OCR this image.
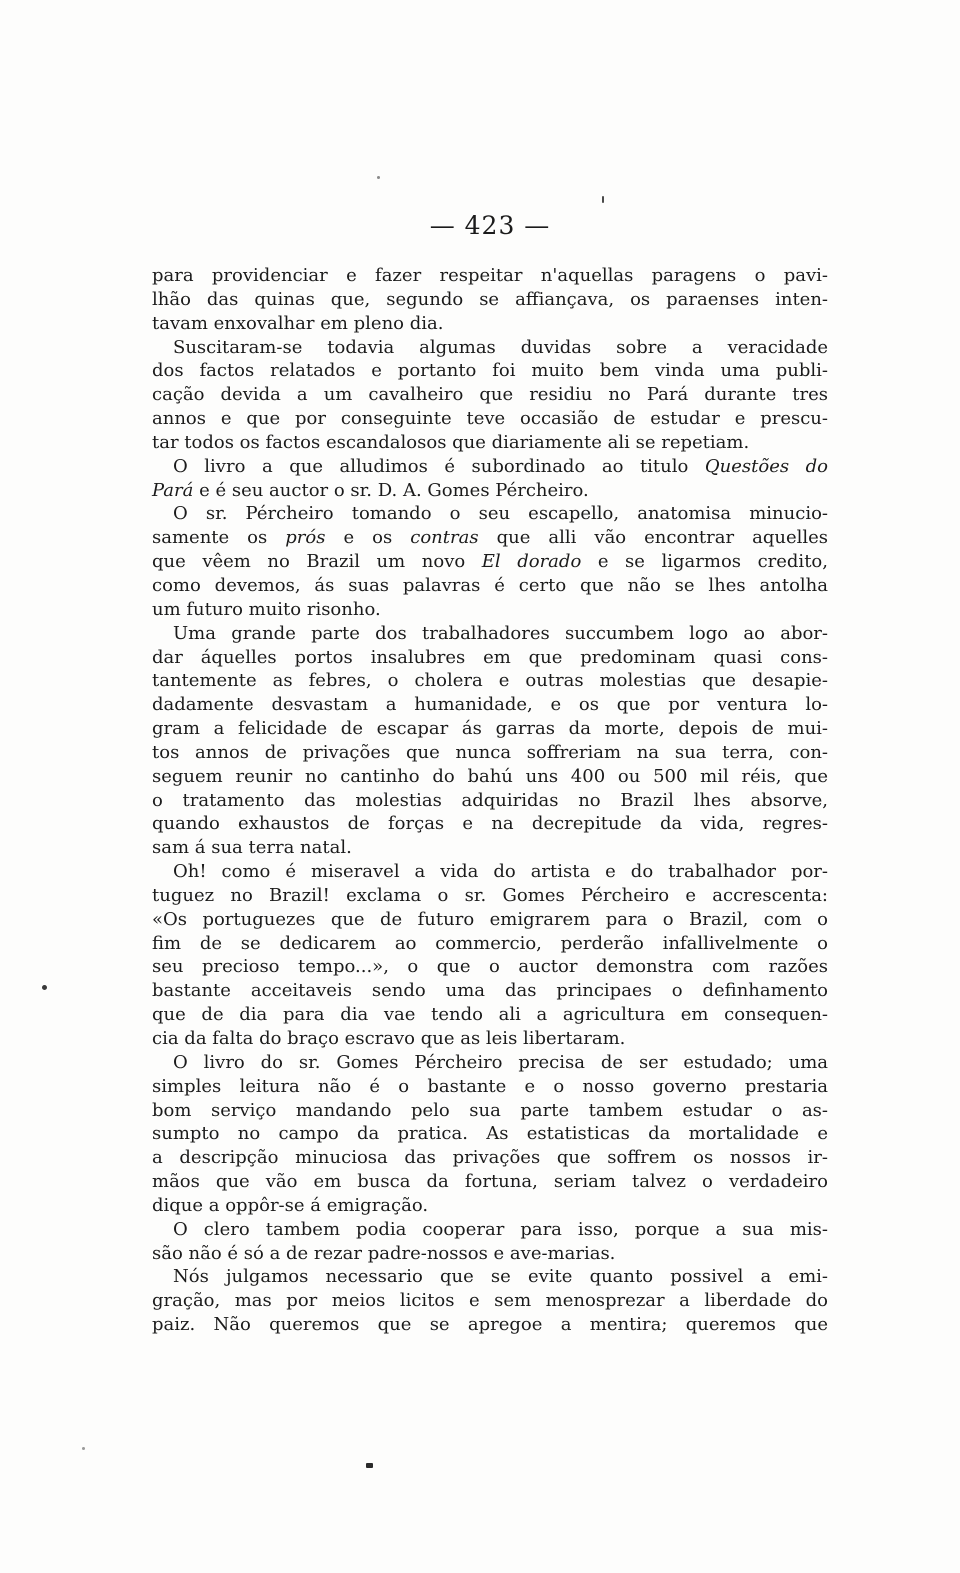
— 423 —
para providenciar e fazer respeitar n'aquellas paragens o pavi-
lhão das quinas que, segundo se affiançava, os paraenses inten-
tavam enxovalhar em pleno dia.
Suscitaram-se todavia algumas duvidas sobre a veracidade
dos factos relatados e portanto foi muito bem vinda uma publi-
cação devida a um cavalheiro que residiu no Pará durante tres
annos e que por conseguinte teve occasião de estudar e prescu-
tar todos os factos escandalosos que diariamente ali se repetiam.
O livro a que alludimos é subordinado ao titulo Questões do
Pará e é seu auctor o sr. D. A. Gomes Pércheiro.
O sr. Pércheiro tomando o seu escapello, anatomisa minucio-
samente os prós e os contras que alli vão encontrar aquelles
que vêem no Brazil um novo El dorado e se ligarmos credito,
como devemos, ás suas palavras é certo que não se lhes antolha
um futuro muito risonho.
Uma grande parte dos trabalhadores succumbem logo ao abor-
dar áquelles portos insalubres em que predominam quasi cons-
tantemente as febres, o cholera e outras molestias que desapie-
dadamente desvastam a humanidade, e os que por ventura lo-
gram a felicidade de escapar ás garras da morte, depois de mui-
tos annos de privações que nunca soffreriam na sua terra, con-
seguem reunir no cantinho do bahú uns 400 ou 500 mil réis, que
o tratamento das molestias adquiridas no Brazil lhes absorve,
quando exhaustos de forças e na decrepitude da vida, regres-
sam á sua terra natal.
Oh! como é miseravel a vida do artista e do trabalhador por-
tuguez no Brazil! exclama o sr. Gomes Pércheiro e accrescenta:
«Os portuguezes que de futuro emigrarem para o Brazil, com o
fim de se dedicarem ao commercio, perderão infallivelmente o
seu precioso tempo...», o que o auctor demonstra com razões
bastante acceitaveis sendo uma das principaes o definhamento
que de dia para dia vae tendo ali a agricultura em consequen-
cia da falta do braço escravo que as leis libertaram.
O livro do sr. Gomes Pércheiro precisa de ser estudado; uma
simples leitura não é o bastante e o nosso governo prestaria
bom serviço mandando pelo sua parte tambem estudar o as-
sumpto no campo da pratica. As estatisticas da mortalidade e
a descripção minuciosa das privações que soffrem os nossos ir-
mãos que vão em busca da fortuna, seriam talvez o verdadeiro
dique a oppôr-se á emigração.
O clero tambem podia cooperar para isso, porque a sua mis-
são não é só a de rezar padre-nossos e ave-marias.
Nós julgamos necessario que se evite quanto possivel a emi-
gração, mas por meios licitos e sem menosprezar a liberdade do
paiz. Não queremos que se apregoe a mentira; queremos que
